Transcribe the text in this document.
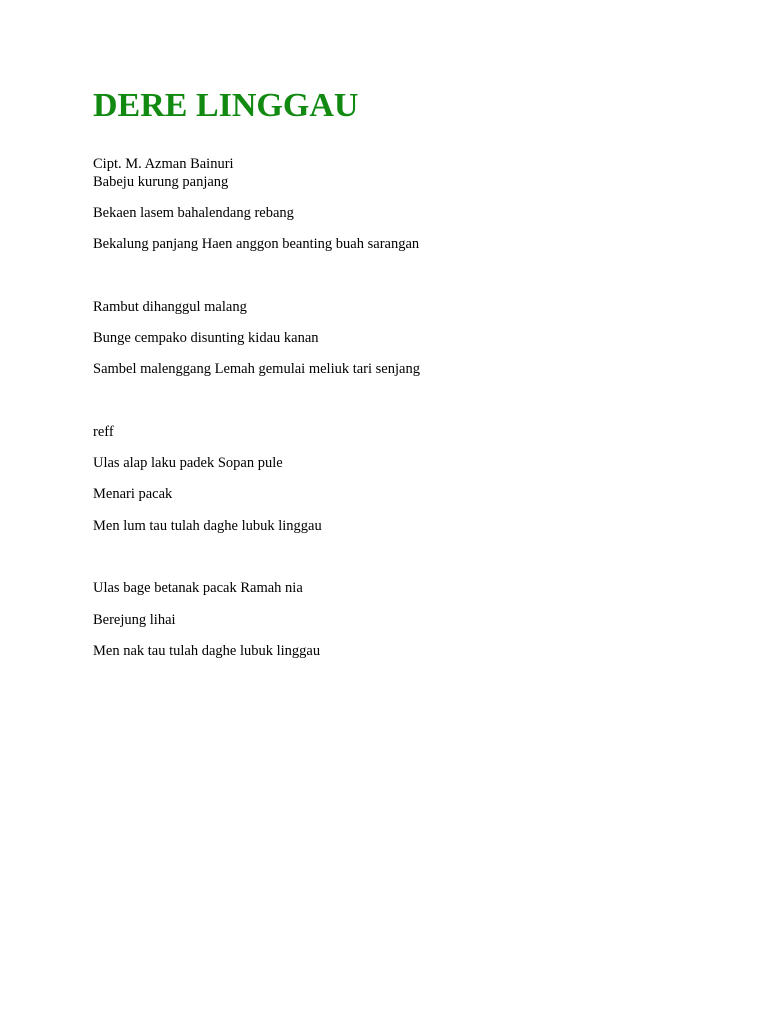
DERE LINGGAU

Cipt. M. Azman Bainuri

Babeju kurung panjang

Bekaen lasem bahalendang rebang

Bekalung panjang Haen anggon beanting buah sarangan

Rambut dihanggul malang

Bunge cempako disunting kidau kanan

Sambel malenggang Lemah gemulai meliuk tari senjang

reff

Ulas alap laku padek Sopan pule

Menari pacak

Men lum tau tulah daghe lubuk linggau

Ulas bage betanak pacak Ramah nia

Berejung lihai

Men nak tau tulah daghe lubuk linggau
